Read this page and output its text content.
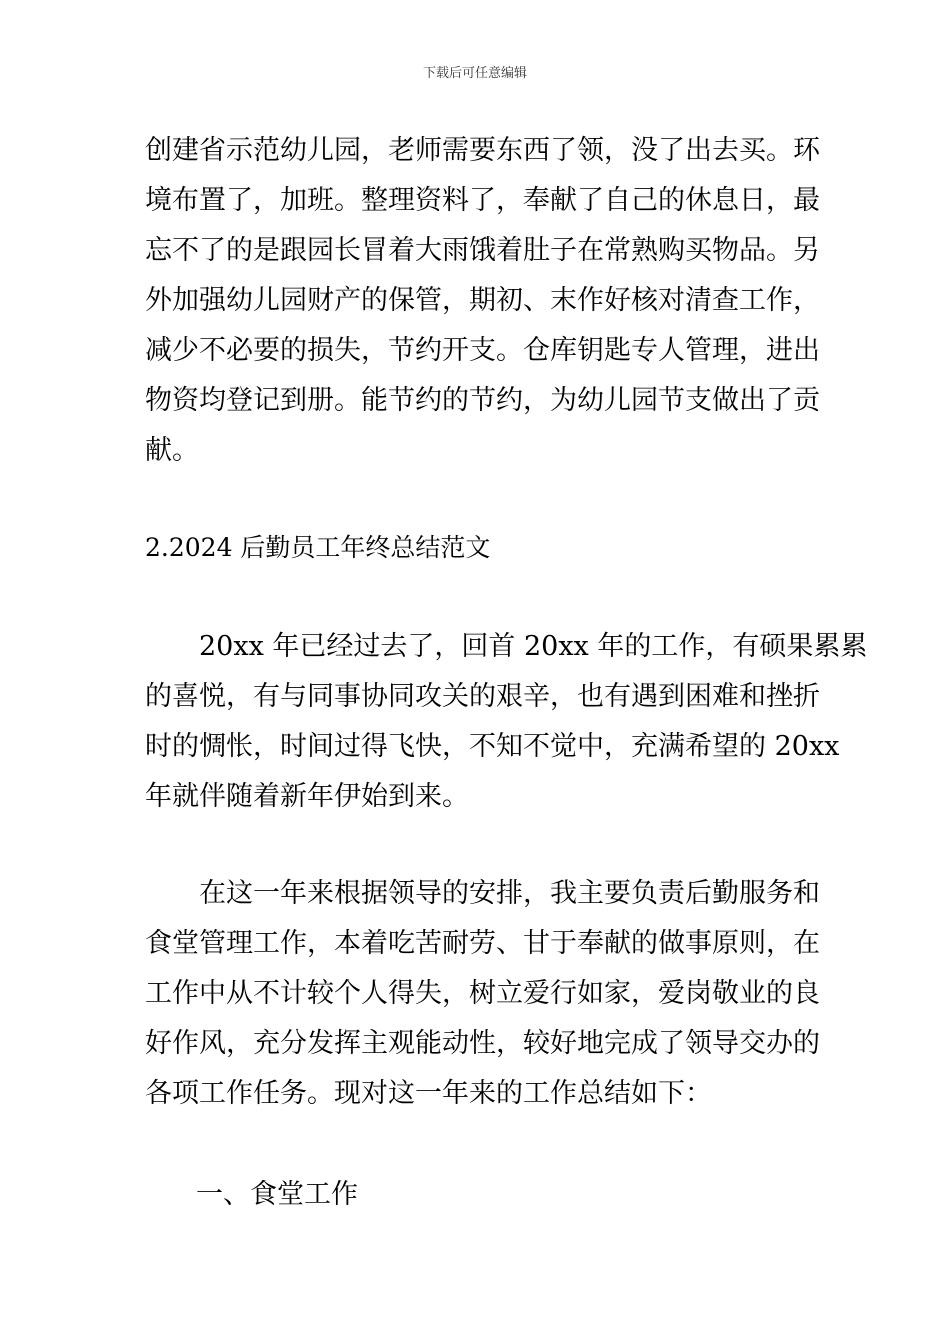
下载后可任意编辑
创建省示范幼儿园，老师需要东西了领，没了出去买。环
境布置了，加班。整理资料了，奉献了自己的休息日，最
忘不了的是跟园长冒着大雨饿着肚子在常熟购买物品。另
外加强幼儿园财产的保管，期初、末作好核对清查工作，
减少不必要的损失，节约开支。仓库钥匙专人管理，进出
物资均登记到册。能节约的节约，为幼儿园节支做出了贡
献。
2.2024 后勤员工年终总结范文
20xx 年已经过去了，回首 20xx 年的工作，有硕果累累
的喜悦，有与同事协同攻关的艰辛，也有遇到困难和挫折
时的惆怅，时间过得飞快，不知不觉中，充满希望的 20xx
年就伴随着新年伊始到来。
在这一年来根据领导的安排，我主要负责后勤服务和
食堂管理工作，本着吃苦耐劳、甘于奉献的做事原则，在
工作中从不计较个人得失，树立爱行如家，爱岗敬业的良
好作风，充分发挥主观能动性，较好地完成了领导交办的
各项工作任务。现对这一年来的工作总结如下：
一、食堂工作
